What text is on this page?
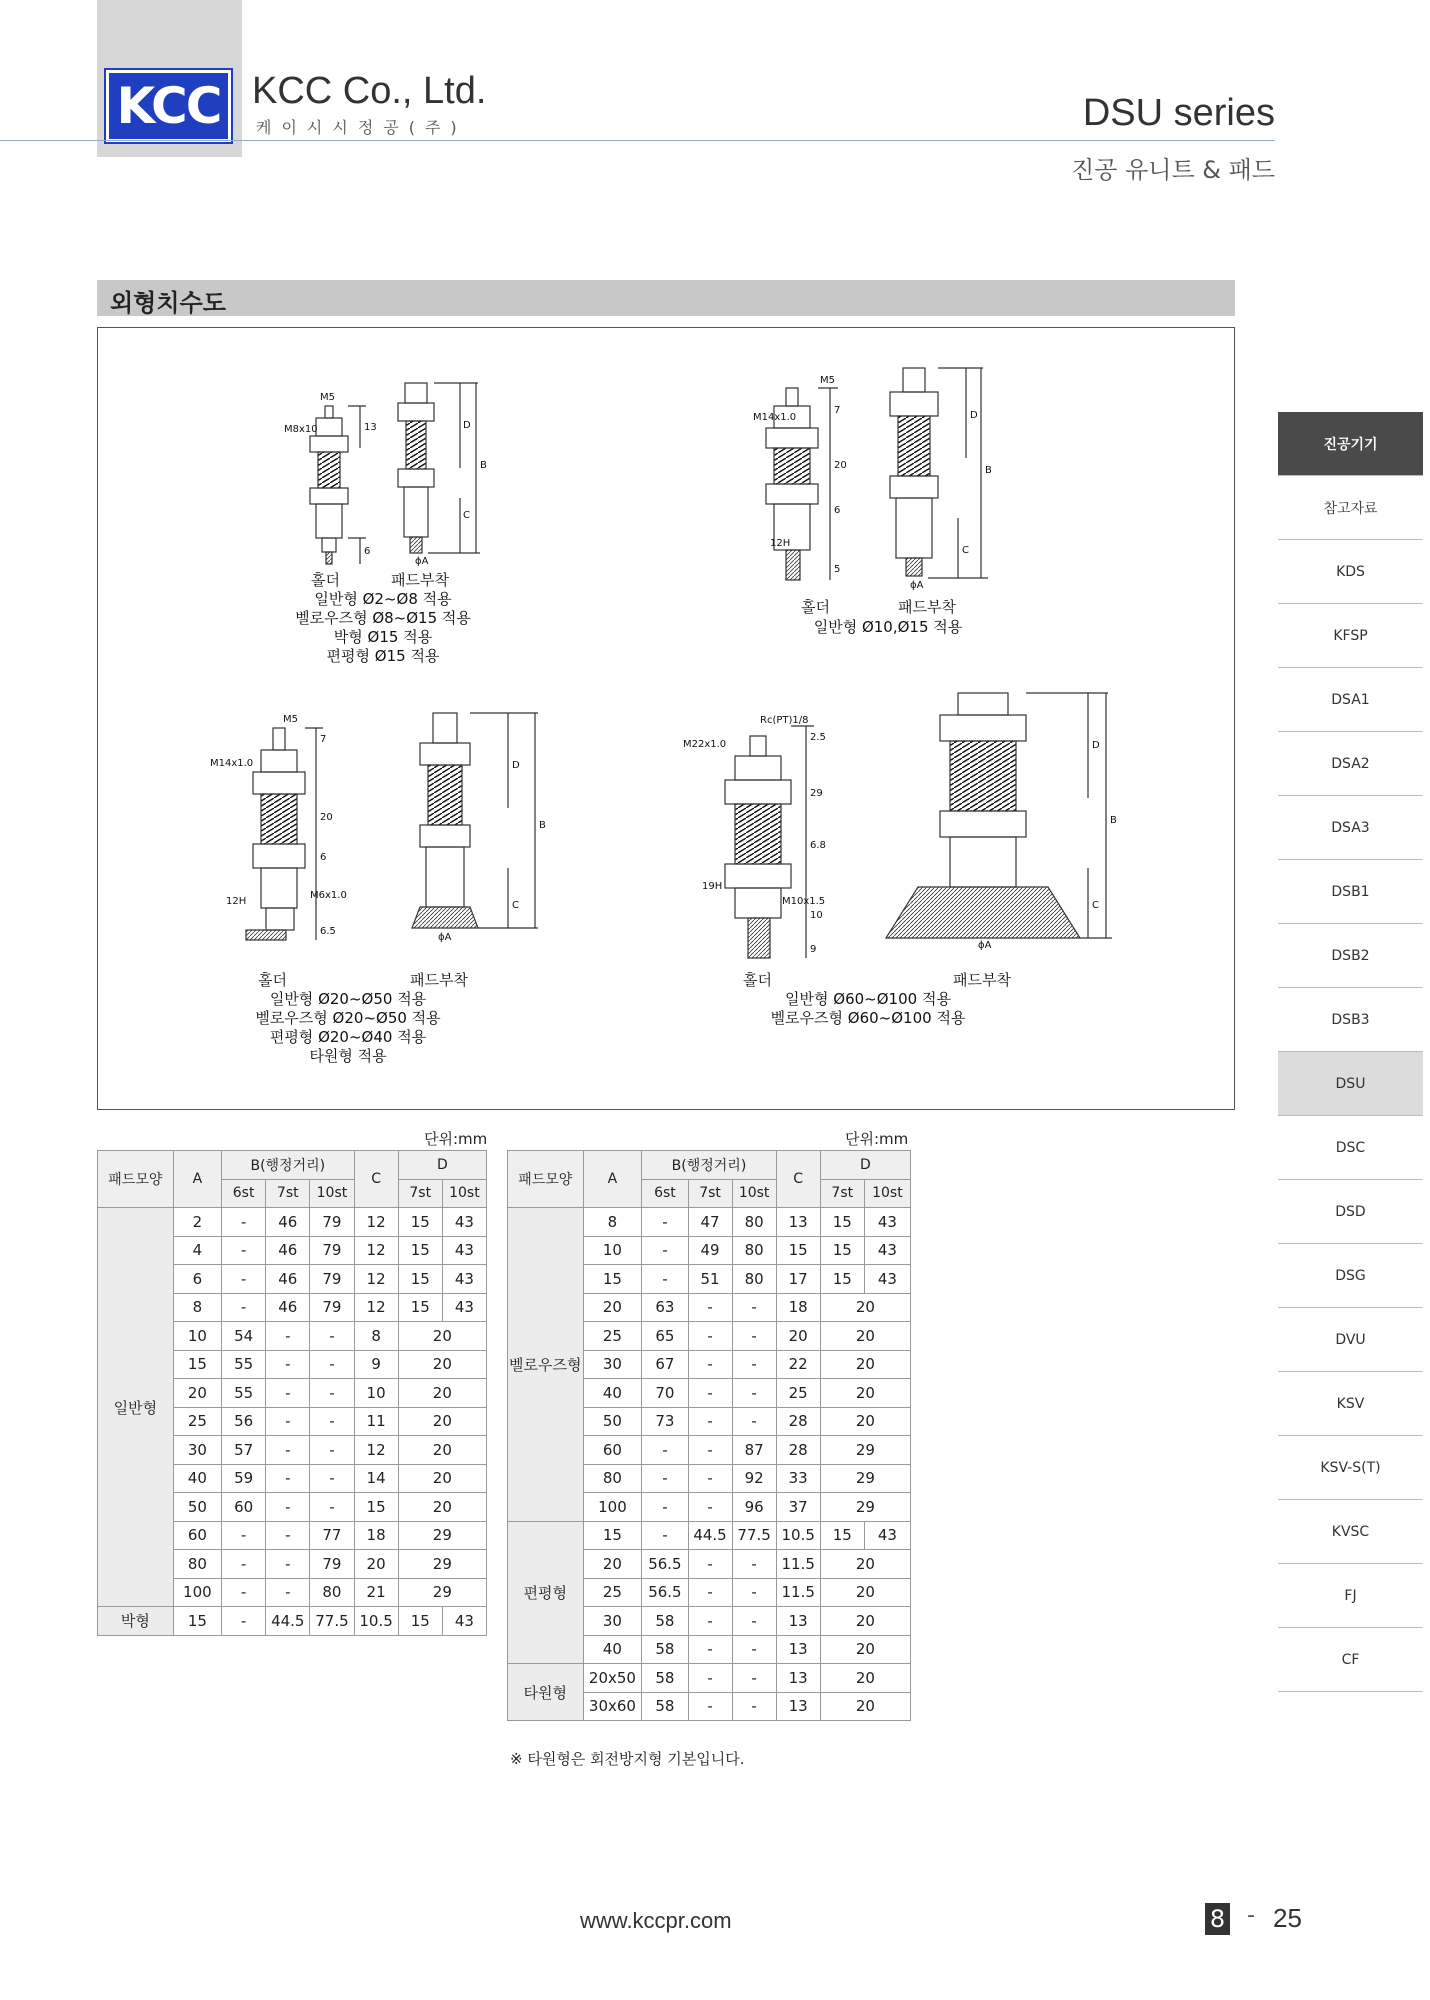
KCC KCC Co., Ltd.
케이시시정공(주)	DSU series
진공 유니트 & 패드
외형치수도
M5
M8x10	13
6
ϕA
B
C
D
M5
M14x1.0
7
20
6
12H
5
ϕA
B
C
D
M5
M14x1.0
M6x1.0
12H
7
20
6
6.5
ϕA
B
C
D
Rc(PT)1/8
M22x1.0
19H
M10x1.5
2.5
29
6.8
10
9	ϕA
B
C
D
홀더	패드부착
일반형 Ø2~Ø8 적용
벨로우즈형 Ø8~Ø15 적용
박형 Ø15 적용
편평형 Ø15 적용
홀더	패드부착
일반형 Ø10,Ø15 적용
홀더	패드부착
일반형 Ø20~Ø50 적용
벨로우즈형 Ø20~Ø50 적용
편평형 Ø20~Ø40 적용
타원형 적용
홀더	패드부착
일반형 Ø60~Ø100 적용
벨로우즈형 Ø60~Ø100 적용
진공기기
참고자료
KDS
KFSP
DSA1
DSA2
DSA3
DSB1
DSB2
DSB3
DSU
DSC
DSD
DSG
DVU
KSV
KSV-S(T)
KVSC
FJ
CF
단위:mm	단위:mm
패드모양	A	B(행정거리)			C	D	
		6st	7st	10st		7st	10st
일반형	2	-	46	79	12	15	43
	4	-	46	79	12	15	43
	6	-	46	79	12	15	43
	8	-	46	79	12	15	43
	10	54	-	-	8	20	
	15	55	-	-	9	20	
	20	55	-	-	10	20	
	25	56	-	-	11	20	
	30	57	-	-	12	20	
	40	59	-	-	14	20	
	50	60	-	-	15	20	
	60	-	-	77	18	29	
	80	-	-	79	20	29	
	100	-	-	80	21	29	
박형	15	-	44.5	77.5	10.5	15	43
패드모양	A	B(행정거리)			C	D	
		6st	7st	10st		7st	10st
벨로우즈형	8	-	47	80	13	15	43
	10	-	49	80	15	15	43
	15	-	51	80	17	15	43
	20	63	-	-	18	20	
	25	65	-	-	20	20	
	30	67	-	-	22	20	
	40	70	-	-	25	20	
	50	73	-	-	28	20	
	60	-	-	87	28	29	
	80	-	-	92	33	29	
	100	-	-	96	37	29	
편평형	15	-	44.5	77.5	10.5	15	43
	20	56.5	-	-	11.5	20	
	25	56.5	-	-	11.5	20	
	30	58	-	-	13	20	
	40	58	-	-	13	20	
타원형	20x50	58	-	-	13	20	
	30x60	58	-	-	13	20	
※ 타원형은 회전방지형 기본입니다.
www.kccpr.com	8 - 25
